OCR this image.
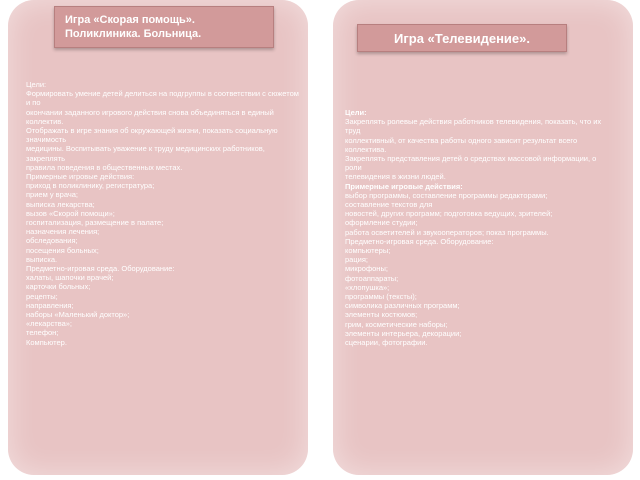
Игра «Скорая помощь».
Поликлиника. Больница.
Цели:
Формировать умение детей делиться на подгруппы в соответствии с сюжетом и по
окончании заданного игрового действия снова объединяться в единый коллектив.
Отображать в игре знания об окружающей жизни, показать социальную значимость
медицины. Воспитывать уважение к труду медицинских работников, закреплять
правила поведения в общественных местах.
Примерные игровые действия:
приход в поликлинику, регистратура;
прием у врача;
выписка лекарства;
вызов «Скорой помощи»;
госпитализация, размещение в палате;
назначения лечения;
обследования;
посещения больных;
выписка.
Предметно-игровая среда. Оборудование:
халаты, шапочки врачей;
карточки больных;
рецепты;
направления;
наборы «Маленький доктор»;
«лекарства»;
телефон;
Компьютер.
Игра «Телевидение».
Цели:
Закреплять ролевые действия работников телевидения, показать, что их труд
коллективный, от качества работы одного зависит результат всего коллектива.
Закреплять представления детей о средствах массовой информации, о роли
телевидения в жизни людей.
Примерные игровые действия:
выбор программы, составление программы редакторами;
составление текстов для
новостей, других программ; подготовка ведущих, зрителей;
оформление студии;
работа осветителей и звукооператоров; показ программы.
Предметно-игровая среда. Оборудование:
компьютеры;
рация;
микрофоны;
фотоаппараты;
«хлопушка»;
программы (тексты);
символика различных программ;
элементы костюмов;
грим, косметические наборы;
элементы интерьера, декорации;
сценарии, фотографии.
